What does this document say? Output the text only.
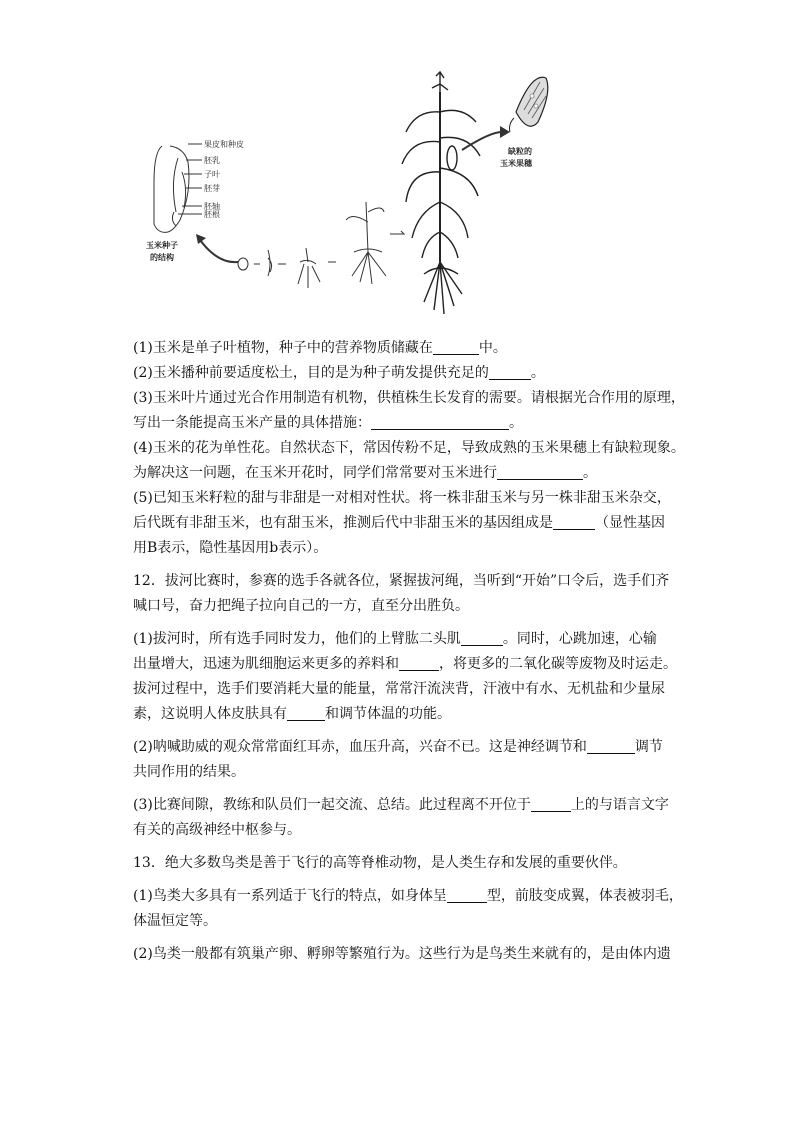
果皮和种皮
胚乳
子叶
胚芽
胚轴
胚根
玉米种子
的结构
缺粒的
玉米果穗

(1)玉米是单子叶植物，种子中的营养物质储藏在	中。

(2)玉米播种前要适度松土，目的是为种子萌发提供充足的	。

(3)玉米叶片通过光合作用制造有机物，供植株生长发育的需要。请根据光合作用的原理，

写出一条能提高玉米产量的具体措施：	。

(4)玉米的花为单性花。自然状态下，常因传粉不足，导致成熟的玉米果穗上有缺粒现象。

为解决这一问题，在玉米开花时，同学们常常要对玉米进行	。

(5)已知玉米籽粒的甜与非甜是一对相对性状。将一株非甜玉米与另一株非甜玉米杂交，

后代既有非甜玉米，也有甜玉米，推测后代中非甜玉米的基因组成是	（显性基因

用B表示，隐性基因用b表示）。

12．拔河比赛时，参赛的选手各就各位，紧握拔河绳，当听到“开始”口令后，选手们齐

喊口号，奋力把绳子拉向自己的一方，直至分出胜负。

(1)拔河时，所有选手同时发力，他们的上臂肱二头肌	。同时，心跳加速，心输

出量增大，迅速为肌细胞运来更多的养料和	，将更多的二氧化碳等废物及时运走。

拔河过程中，选手们要消耗大量的能量，常常汗流浃背，汗液中有水、无机盐和少量尿

素，这说明人体皮肤具有	和调节体温的功能。

(2)呐喊助威的观众常常面红耳赤，血压升高，兴奋不已。这是神经调节和	调节

共同作用的结果。

(3)比赛间隙，教练和队员们一起交流、总结。此过程离不开位于	上的与语言文字

有关的高级神经中枢参与。

13．绝大多数鸟类是善于飞行的高等脊椎动物，是人类生存和发展的重要伙伴。

(1)鸟类大多具有一系列适于飞行的特点，如身体呈	型，前肢变成翼，体表被羽毛，

体温恒定等。

(2)鸟类一般都有筑巢产卵、孵卵等繁殖行为。这些行为是鸟类生来就有的，是由体内遗
